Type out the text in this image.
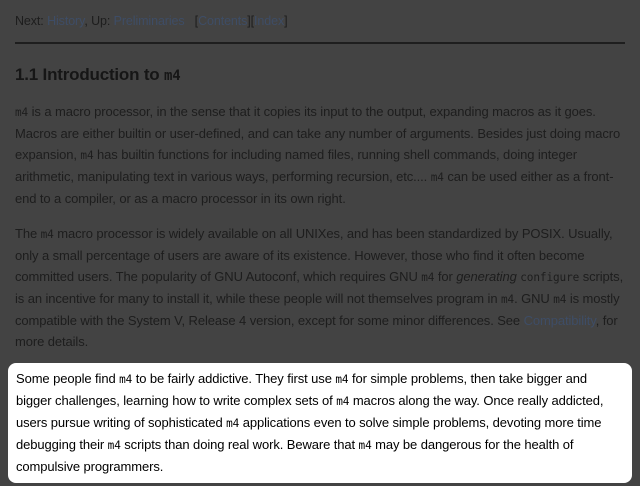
Next: History, Up: Preliminaries   [Contents][Index]
1.1 Introduction to m4

m4 is a macro processor, in the sense that it copies its input to the output, expanding macros as it goes. Macros are either builtin or user-defined, and can take any number of arguments. Besides just doing macro expansion, m4 has builtin functions for including named files, running shell commands, doing integer arithmetic, manipulating text in various ways, performing recursion, etc.... m4 can be used either as a front-end to a compiler, or as a macro processor in its own right.

The m4 macro processor is widely available on all UNIXes, and has been standardized by POSIX. Usually, only a small percentage of users are aware of its existence. However, those who find it often become committed users. The popularity of GNU Autoconf, which requires GNU m4 for generating configure scripts, is an incentive for many to install it, while these people will not themselves program in m4. GNU m4 is mostly compatible with the System V, Release 4 version, except for some minor differences. See Compatibility, for more details.

Some people find m4 to be fairly addictive. They first use m4 for simple problems, then take bigger and bigger challenges, learning how to write complex sets of m4 macros along the way. Once really addicted, users pursue writing of sophisticated m4 applications even to solve simple problems, devoting more time debugging their m4 scripts than doing real work. Beware that m4 may be dangerous for the health of compulsive programmers.
